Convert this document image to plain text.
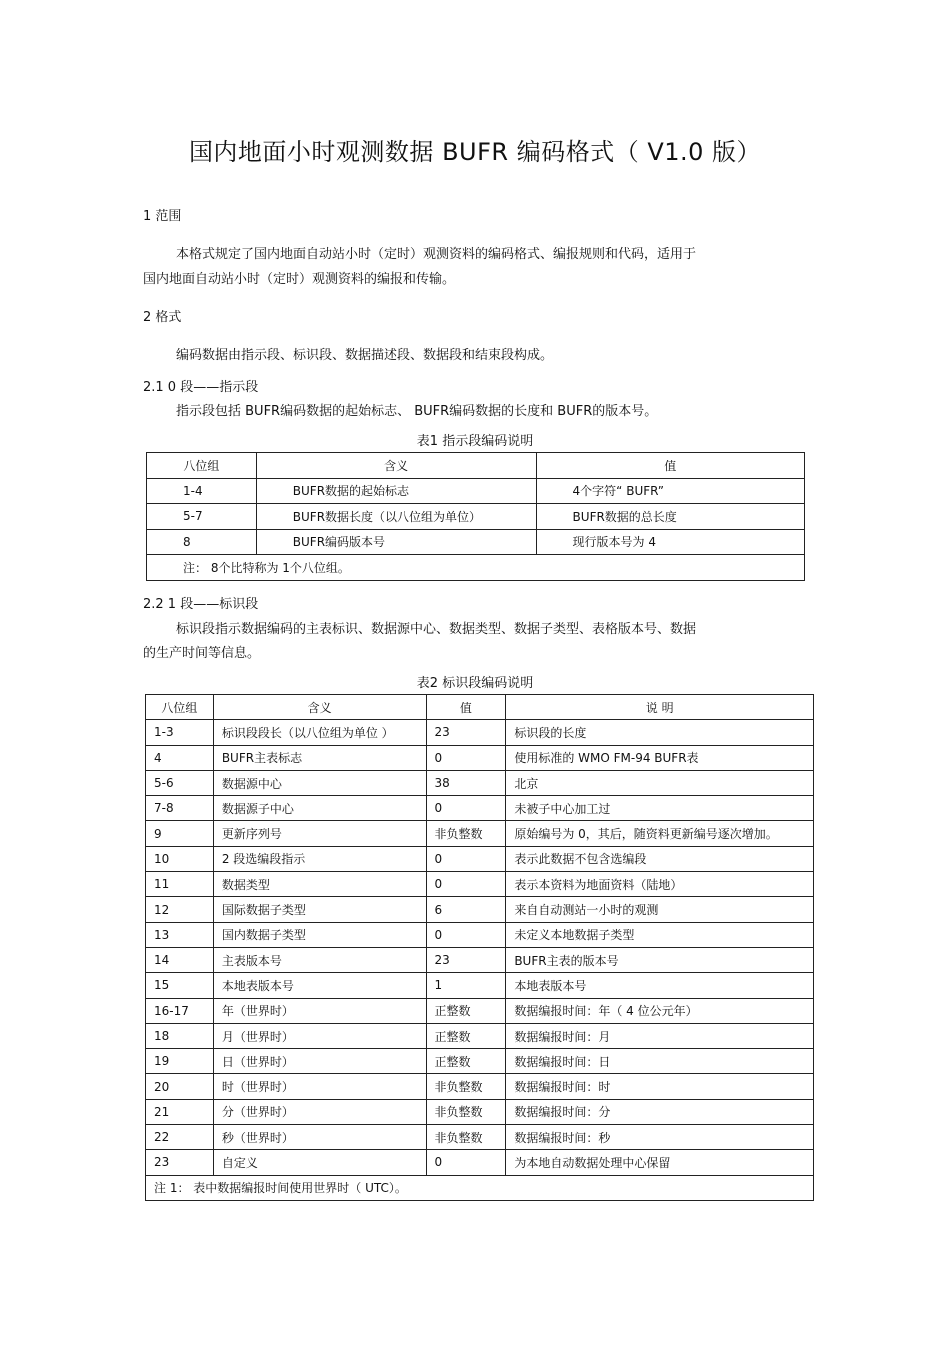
国内地面小时观测数据 BUFR 编码格式（ V1.0 版）
1 范围
本格式规定了国内地面自动站小时（定时）观测资料的编码格式、编报规则和代码，适用于
国内地面自动站小时（定时）观测资料的编报和传输。
2 格式
编码数据由指示段、标识段、数据描述段、数据段和结束段构成。
2.1 0 段——指示段
指示段包括 BUFR编码数据的起始标志、 BUFR编码数据的长度和 BUFR的版本号。
表1 指示段编码说明
八位组	含义	值
1-4	BUFR数据的起始标志	4个字符“ BUFR”
5-7	BUFR数据长度（以八位组为单位）	BUFR数据的总长度
8	BUFR编码版本号	现行版本号为 4
注： 8个比特称为 1个八位组。		
2.2 1 段——标识段
标识段指示数据编码的主表标识、数据源中心、数据类型、数据子类型、表格版本号、数据
的生产时间等信息。
表2 标识段编码说明
八位组	含义	值	说 明
1-3	标识段段长（以八位组为单位 ）	23	标识段的长度
4	BUFR主表标志	0	使用标准的 WMO FM-94 BUFR表
5-6	数据源中心	38	北京
7-8	数据源子中心	0	未被子中心加工过
9	更新序列号	非负整数	原始编号为 0，其后，随资料更新编号逐次增加。
10	2 段选编段指示	0	表示此数据不包含选编段
11	数据类型	0	表示本资料为地面资料（陆地）
12	国际数据子类型	6	来自自动测站一小时的观测
13	国内数据子类型	0	未定义本地数据子类型
14	主表版本号	23	BUFR主表的版本号
15	本地表版本号	1	本地表版本号
16-17	年（世界时）	正整数	数据编报时间：年（ 4 位公元年）
18	月（世界时）	正整数	数据编报时间：月
19	日（世界时）	正整数	数据编报时间：日
20	时（世界时）	非负整数	数据编报时间：时
21	分（世界时）	非负整数	数据编报时间：分
22	秒（世界时）	非负整数	数据编报时间：秒
23	自定义	0	为本地自动数据处理中心保留
注 1： 表中数据编报时间使用世界时（ UTC）。			
